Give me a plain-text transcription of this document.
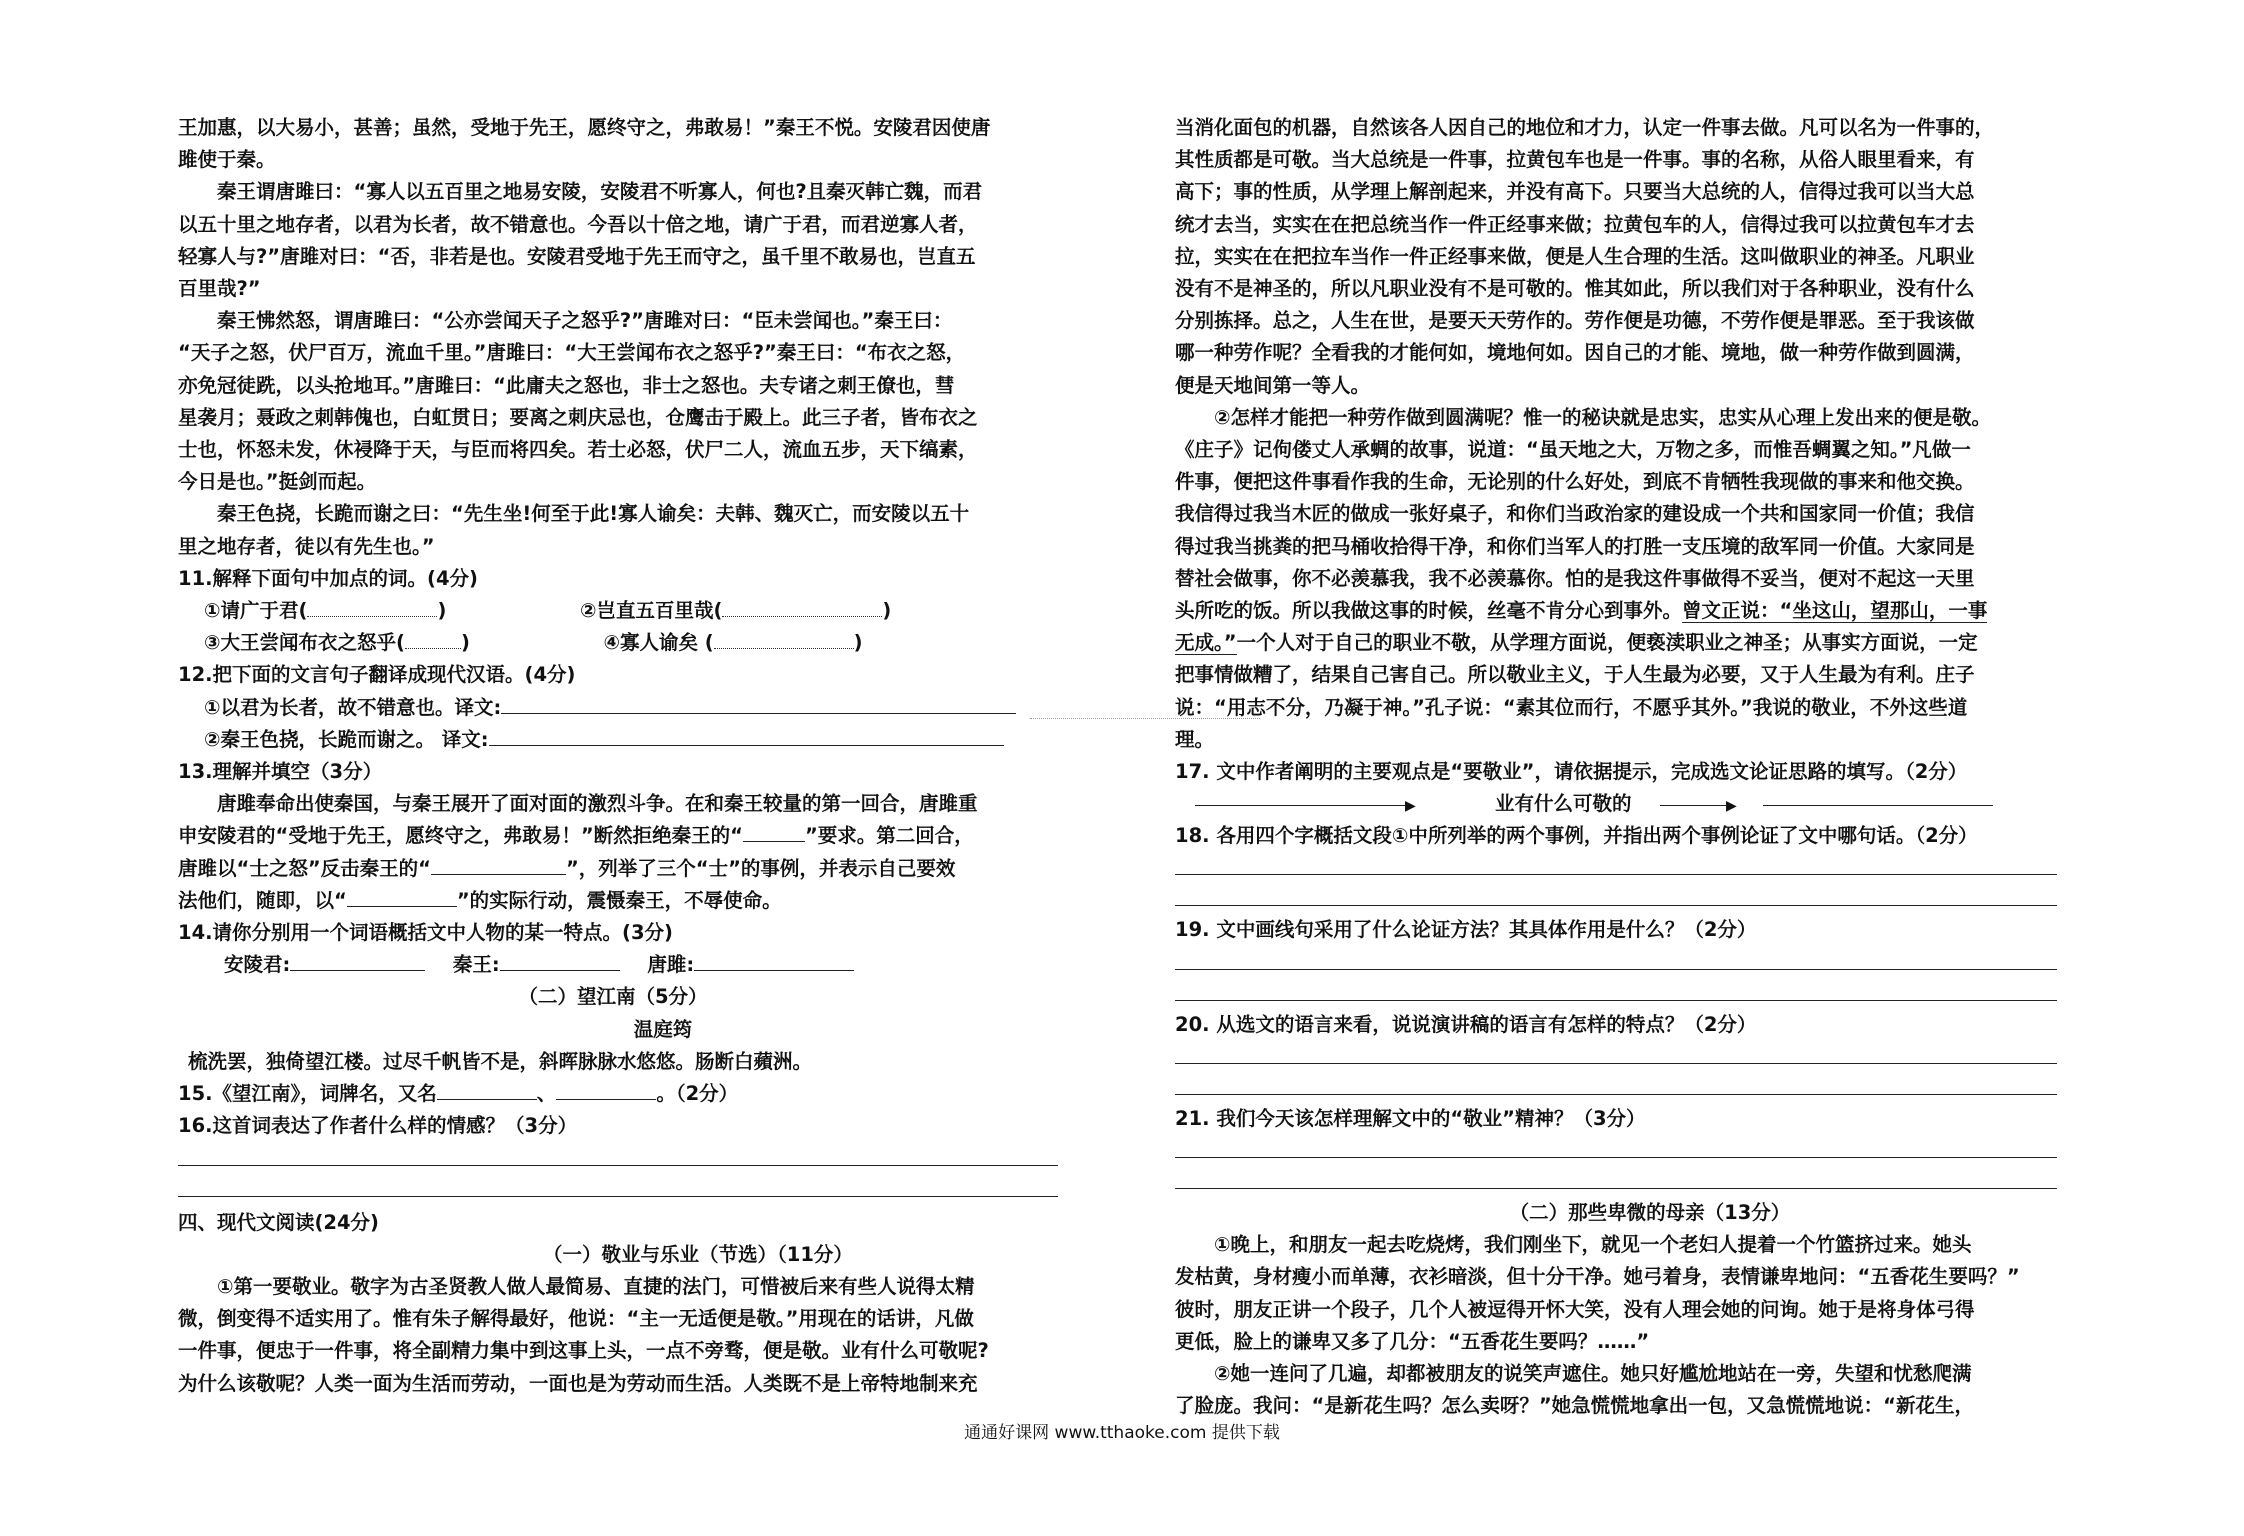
王加惠，以大易小，甚善；虽然，受地于先王，愿终守之，弗敢易！”秦王不悦。安陵君因使唐

雎使于秦。

　　秦王谓唐雎曰：“寡人以五百里之地易安陵，安陵君不听寡人，何也?且秦灭韩亡魏，而君

以五十里之地存者，以君为长者，故不错意也。今吾以十倍之地，请广于君，而君逆寡人者，

轻寡人与?”唐雎对曰：“否，非若是也。安陵君受地于先王而守之，虽千里不敢易也，岂直五

百里哉?”

　　秦王怫然怒，谓唐雎曰：“公亦尝闻天子之怒乎?”唐雎对曰：“臣未尝闻也。”秦王曰：

“天子之怒，伏尸百万，流血千里。”唐雎曰：“大王尝闻布衣之怒乎?”秦王曰：“布衣之怒，

亦免冠徒跣，以头抢地耳。”唐雎曰：“此庸夫之怒也，非士之怒也。夫专诸之刺王僚也，彗

星袭月；聂政之刺韩傀也，白虹贯日；要离之刺庆忌也，仓鹰击于殿上。此三子者，皆布衣之

士也，怀怒未发，休祲降于天，与臣而将四矣。若士必怒，伏尸二人，流血五步，天下缟素，

今日是也。”挺剑而起。

　　秦王色挠，长跪而谢之曰：“先生坐!何至于此!寡人谕矣：夫韩、魏灭亡，而安陵以五十

里之地存者，徒以有先生也。”

11.解释下面句中加点的词。(4分)

①请广于君(	)	②岂直五百里哉(	)

③大王尝闻布衣之怒乎(	)	④寡人谕矣 (	)

12.把下面的文言句子翻译成现代汉语。(4分)

①以君为长者，故不错意也。译文:

②秦王色挠，长跪而谢之。 译文:

13.理解并填空（3分）

　　唐雎奉命出使秦国，与秦王展开了面对面的激烈斗争。在和秦王较量的第一回合，唐雎重

申安陵君的“受地于先王，愿终守之，弗敢易！”断然拒绝秦王的“	”要求。第二回合，

唐雎以“士之怒”反击秦王的“	”，列举了三个“士”的事例，并表示自己要效

法他们，随即，以“	”的实际行动，震慑秦王，不辱使命。

14.请你分别用一个词语概括文中人物的某一特点。(3分)

安陵君:	秦王:	唐雎:

（二）望江南（5分）

温庭筠

梳洗罢，独倚望江楼。过尽千帆皆不是，斜晖脉脉水悠悠。肠断白蘋洲。

15.《望江南》，词牌名，又名	、	。（2分）

16.这首词表达了作者什么样的情感？（3分）

四、现代文阅读(24分)

（一）敬业与乐业（节选）（11分）

　　①第一要敬业。敬字为古圣贤教人做人最简易、直捷的法门，可惜被后来有些人说得太精

微，倒变得不适实用了。惟有朱子解得最好，他说：“主一无适便是敬。”用现在的话讲，凡做

一件事，便忠于一件事，将全副精力集中到这事上头，一点不旁骛，便是敬。业有什么可敬呢?

为什么该敬呢？人类一面为生活而劳动，一面也是为劳动而生活。人类既不是上帝特地制来充

当消化面包的机器，自然该各人因自己的地位和才力，认定一件事去做。凡可以名为一件事的，

其性质都是可敬。当大总统是一件事，拉黄包车也是一件事。事的名称，从俗人眼里看来，有

高下；事的性质，从学理上解剖起来，并没有高下。只要当大总统的人，信得过我可以当大总

统才去当，实实在在把总统当作一件正经事来做；拉黄包车的人，信得过我可以拉黄包车才去

拉，实实在在把拉车当作一件正经事来做，便是人生合理的生活。这叫做职业的神圣。凡职业

没有不是神圣的，所以凡职业没有不是可敬的。惟其如此，所以我们对于各种职业，没有什么

分别拣择。总之，人生在世，是要天天劳作的。劳作便是功德，不劳作便是罪恶。至于我该做

哪一种劳作呢？全看我的才能何如，境地何如。因自己的才能、境地，做一种劳作做到圆满，

便是天地间第一等人。

　　②怎样才能把一种劳作做到圆满呢？惟一的秘诀就是忠实，忠实从心理上发出来的便是敬。

《庄子》记佝偻丈人承蜩的故事，说道：“虽天地之大，万物之多，而惟吾蜩翼之知。”凡做一

件事，便把这件事看作我的生命，无论别的什么好处，到底不肯牺牲我现做的事来和他交换。

我信得过我当木匠的做成一张好桌子，和你们当政治家的建设成一个共和国家同一价值；我信

得过我当挑粪的把马桶收拾得干净，和你们当军人的打胜一支压境的敌军同一价值。大家同是

替社会做事，你不必羡慕我，我不必羡慕你。怕的是我这件事做得不妥当，便对不起这一天里

头所吃的饭。所以我做这事的时候，丝毫不肯分心到事外。曾文正说：“坐这山，望那山，一事

无成。”一个人对于自己的职业不敬，从学理方面说，便亵渎职业之神圣；从事实方面说，一定

把事情做糟了，结果自己害自己。所以敬业主义，于人生最为必要，又于人生最为有利。庄子

说：“用志不分，乃凝于神。”孔子说：“素其位而行，不愿乎其外。”我说的敬业，不外这些道

理。

17. 文中作者阐明的主要观点是“要敬业”，请依据提示，完成选文论证思路的填写。（2分）

▶	业有什么可敬的	▶

18. 各用四个字概括文段①中所列举的两个事例，并指出两个事例论证了文中哪句话。（2分）

19. 文中画线句采用了什么论证方法？其具体作用是什么？（2分）

20. 从选文的语言来看，说说演讲稿的语言有怎样的特点？（2分）

21. 我们今天该怎样理解文中的“敬业”精神？（3分）

（二）那些卑微的母亲（13分）

　　①晚上，和朋友一起去吃烧烤，我们刚坐下，就见一个老妇人提着一个竹篮挤过来。她头

发枯黄，身材瘦小而单薄，衣衫暗淡，但十分干净。她弓着身，表情谦卑地问：“五香花生要吗？”

彼时，朋友正讲一个段子，几个人被逗得开怀大笑，没有人理会她的问询。她于是将身体弓得

更低，脸上的谦卑又多了几分：“五香花生要吗？……”

　　②她一连问了几遍，却都被朋友的说笑声遮住。她只好尴尬地站在一旁，失望和忧愁爬满

了脸庞。我问：“是新花生吗？怎么卖呀？”她急慌慌地拿出一包，又急慌慌地说：“新花生，

通通好课网 www.tthaoke.com 提供下载
